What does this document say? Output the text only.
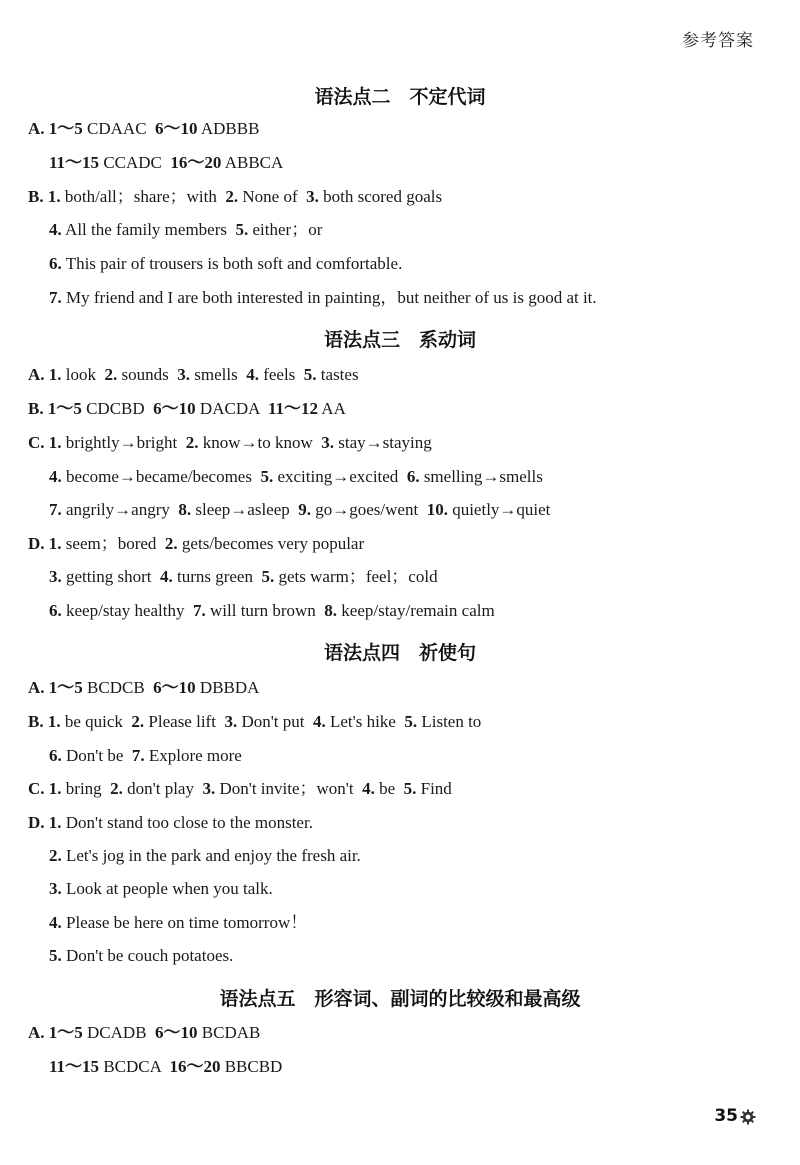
参考答案
语法点二　不定代词
A. 1～5 CDAAC  6～10 ADBBB
11～15 CCADC  16～20 ABBCA
B. 1. both/all；share；with  2. None of  3. both scored goals
4. All the family members  5. either；or
6. This pair of trousers is both soft and comfortable.
7. My friend and I are both interested in painting，but neither of us is good at it.
语法点三　系动词
A. 1. look  2. sounds  3. smells  4. feels  5. tastes
B. 1～5 CDCBD  6～10 DACDA  11～12 AA
C. 1. brightly→bright  2. know→to know  3. stay→staying
4. become→became/becomes  5. exciting→excited  6. smelling→smells
7. angrily→angry  8. sleep→asleep  9. go→goes/went  10. quietly→quiet
D. 1. seem；bored  2. gets/becomes very popular
3. getting short  4. turns green  5. gets warm；feel；cold
6. keep/stay healthy  7. will turn brown  8. keep/stay/remain calm
语法点四　祈使句
A. 1～5 BCDCB  6～10 DBBDA
B. 1. be quick  2. Please lift  3. Don't put  4. Let's hike  5. Listen to
6. Don't be  7. Explore more
C. 1. bring  2. don't play  3. Don't invite；won't  4. be  5. Find
D. 1. Don't stand too close to the monster.
2. Let's jog in the park and enjoy the fresh air.
3. Look at people when you talk.
4. Please be here on time tomorrow！
5. Don't be couch potatoes.
语法点五　形容词、副词的比较级和最高级
A. 1～5 DCADB  6～10 BCDAB
11～15 BCDCA  16～20 BBCBD
35
